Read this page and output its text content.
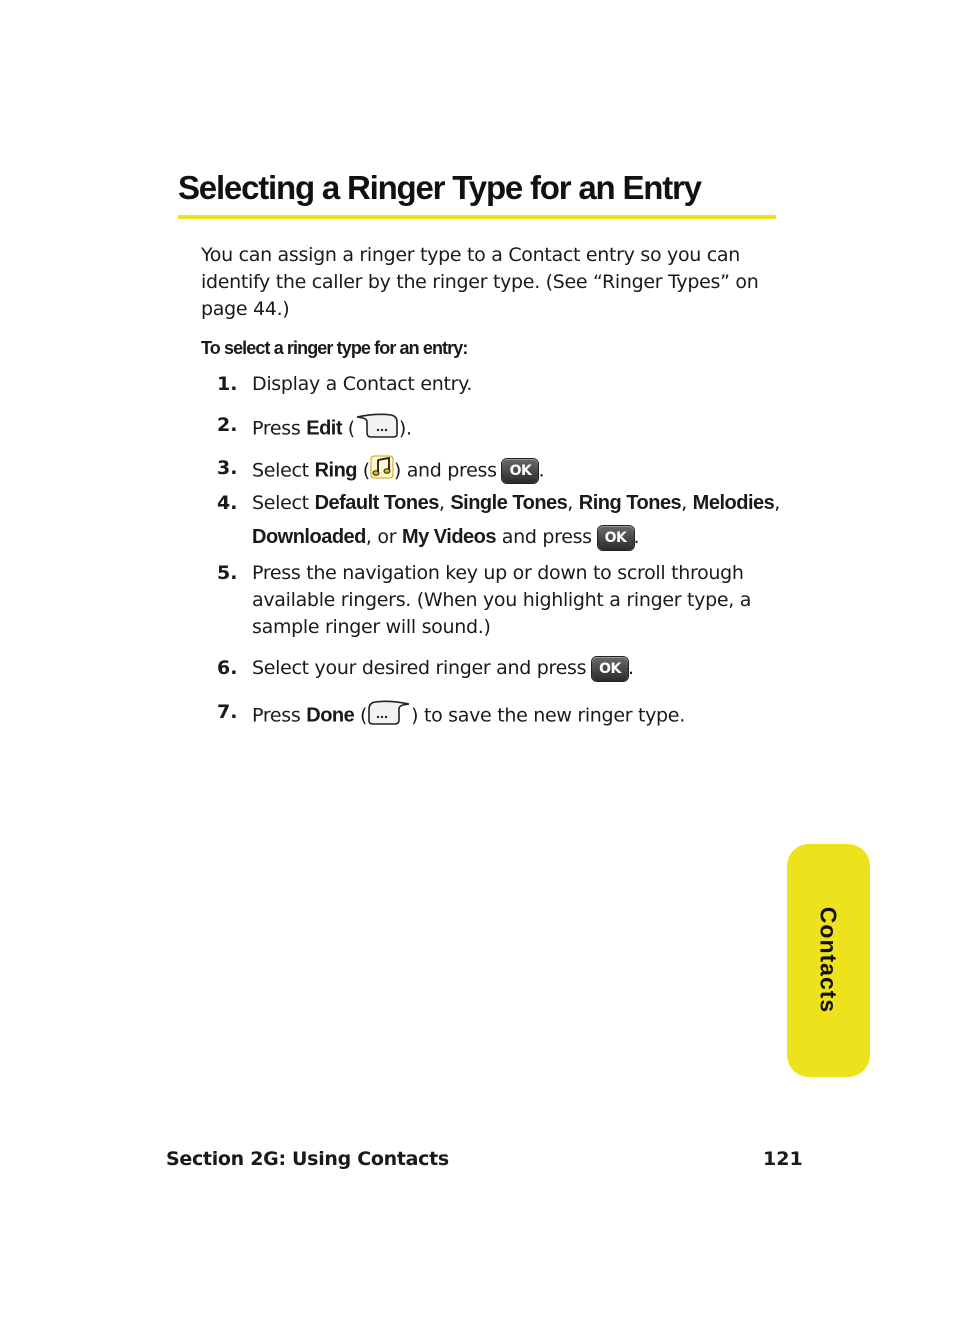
Selecting a Ringer Type for an Entry

You can assign a ringer type to a Contact entry so you can identify the caller by the ringer type. (See “Ringer Types” on page 44.)

To select a ringer type for an entry:

1. Display a Contact entry.
2. Press Edit ( ).
3. Select Ring ( ) and press OK .
4. Select Default Tones, Single Tones, Ring Tones, Melodies,
Downloaded, or My Videos and press OK .
5. Press the navigation key up or down to scroll through available ringers. (When you highlight a ringer type, a sample ringer will sound.)
6. Select your desired ringer and press OK .
7. Press Done ( ) to save the new ringer type.
Contacts
Section 2G: Using Contacts	121
